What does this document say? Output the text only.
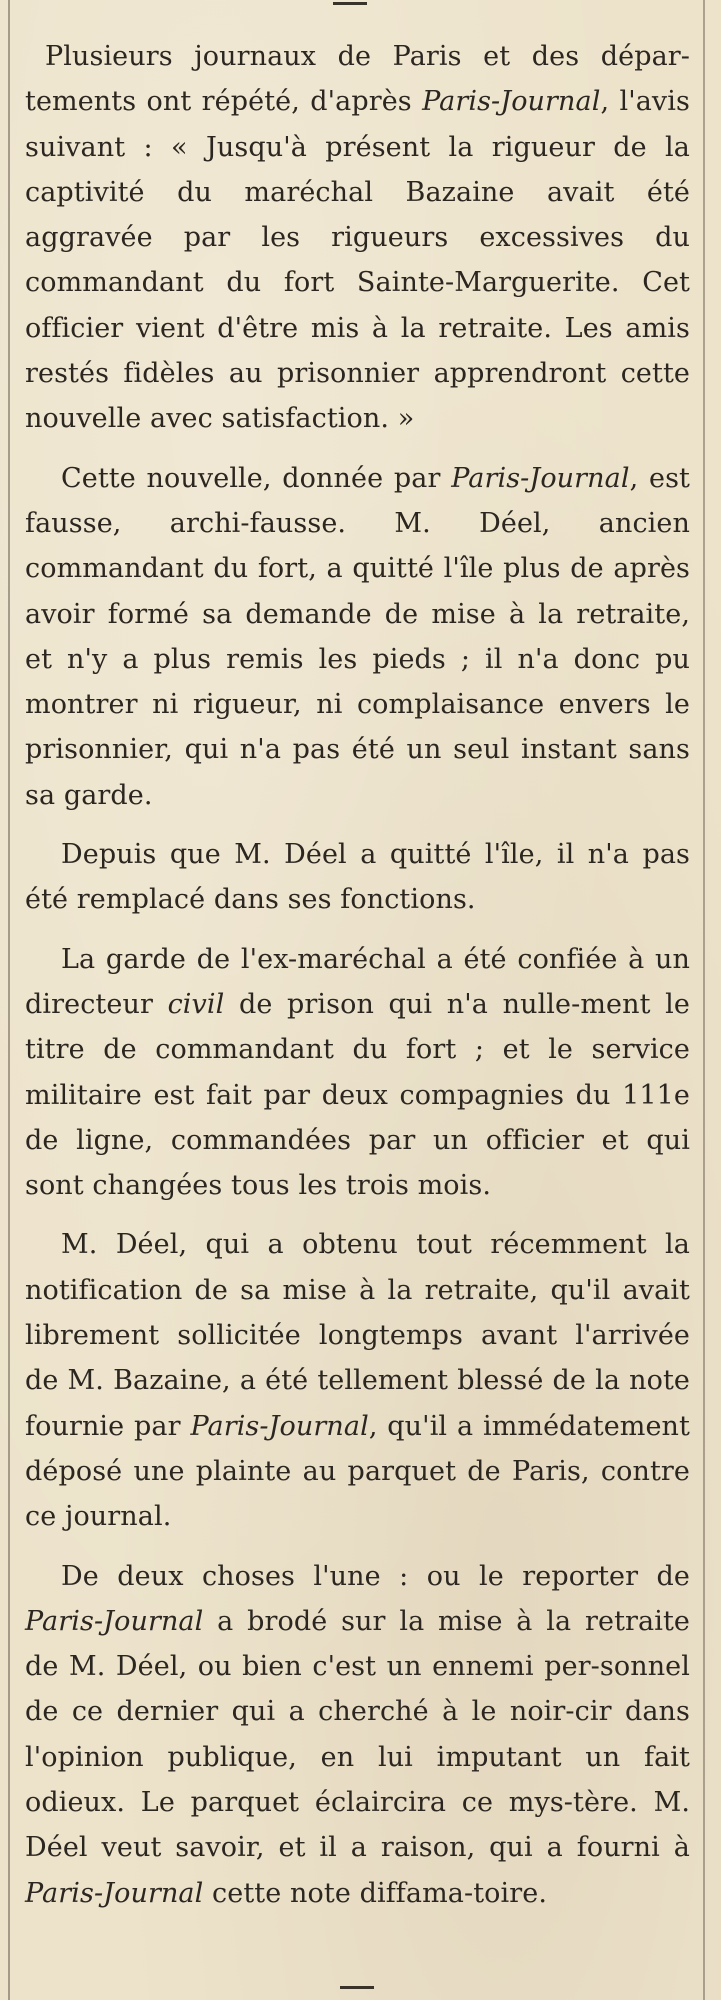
Plusieurs journaux de Paris et des dépar-tements ont répété, d'après Paris-Journal, l'avis suivant : « Jusqu'à présent la rigueur de la captivité du maréchal Bazaine avait été aggravée par les rigueurs excessives du commandant du fort Sainte-Marguerite. Cet officier vient d'être mis à la retraite. Les amis restés fidèles au prisonnier apprendront cette nouvelle avec satisfaction. »

Cette nouvelle, donnée par Paris-Journal, est fausse, archi-fausse. M. Déel, ancien commandant du fort, a quitté l'île plus de après avoir formé sa demande de mise à la retraite, et n'y a plus remis les pieds ; il n'a donc pu montrer ni rigueur, ni complaisance envers le prisonnier, qui n'a pas été un seul instant sans sa garde.

Depuis que M. Déel a quitté l'île, il n'a pas été remplacé dans ses fonctions.

La garde de l'ex-maréchal a été confiée à un directeur civil de prison qui n'a nulle-ment le titre de commandant du fort ; et le service militaire est fait par deux compagnies du 111e de ligne, commandées par un officier et qui sont changées tous les trois mois.

M. Déel, qui a obtenu tout récemment la notification de sa mise à la retraite, qu'il avait librement sollicitée longtemps avant l'arrivée de M. Bazaine, a été tellement blessé de la note fournie par Paris-Journal, qu'il a immédatement déposé une plainte au parquet de Paris, contre ce journal.

De deux choses l'une : ou le reporter de Paris-Journal a brodé sur la mise à la retraite de M. Déel, ou bien c'est un ennemi per-sonnel de ce dernier qui a cherché à le noir-cir dans l'opinion publique, en lui imputant un fait odieux. Le parquet éclaircira ce mys-tère. M. Déel veut savoir, et il a raison, qui a fourni à Paris-Journal cette note diffama-toire.
